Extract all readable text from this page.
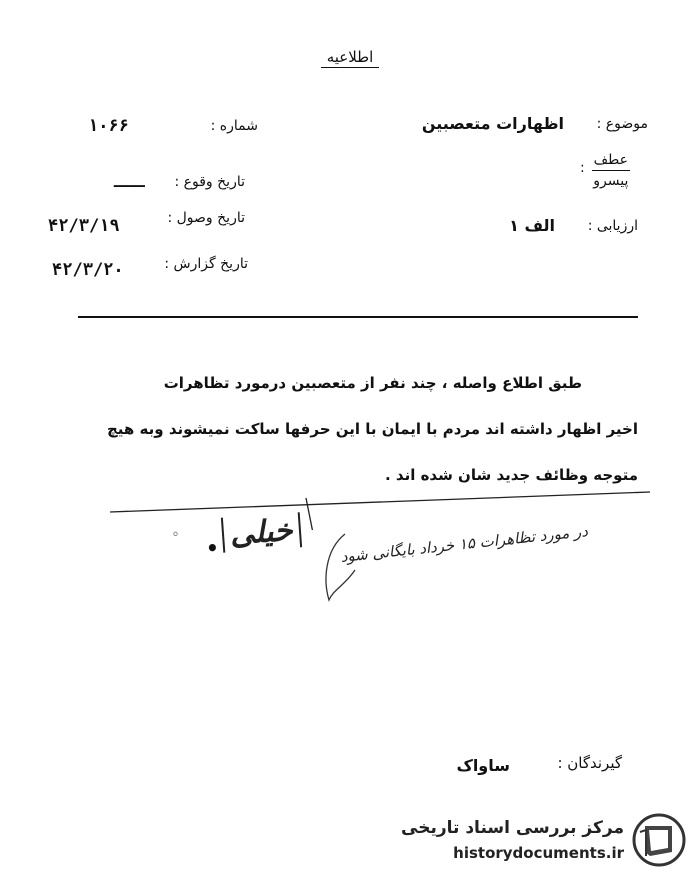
اطلاعیه
موضوع :
اظهارات متعصبین
شماره :
۱۰۶۶
عطف
پیسرو
:
تاریخ وقوع :
ـــ
ارزیابی :
الف ۱
تاریخ وصول :
۴۲/۳/۱۹
تاریخ گزارش :
۴۲/۳/۲۰
طبق اطلاع واصله ، چند نفر از متعصبین درمورد تظاهرات
اخیر اظهار داشته اند مردم با ایمان با این حرفها ساکت نمیشوند وبه هیچ
متوجه وظائف جدید شان شده اند .
خیلی
•
°	در مورد تظاهرات ۱۵ خرداد بایگانی شود
گیرندگان :
ساواک
مرکز بررسی اسناد تاریخی
historydocuments.ir
